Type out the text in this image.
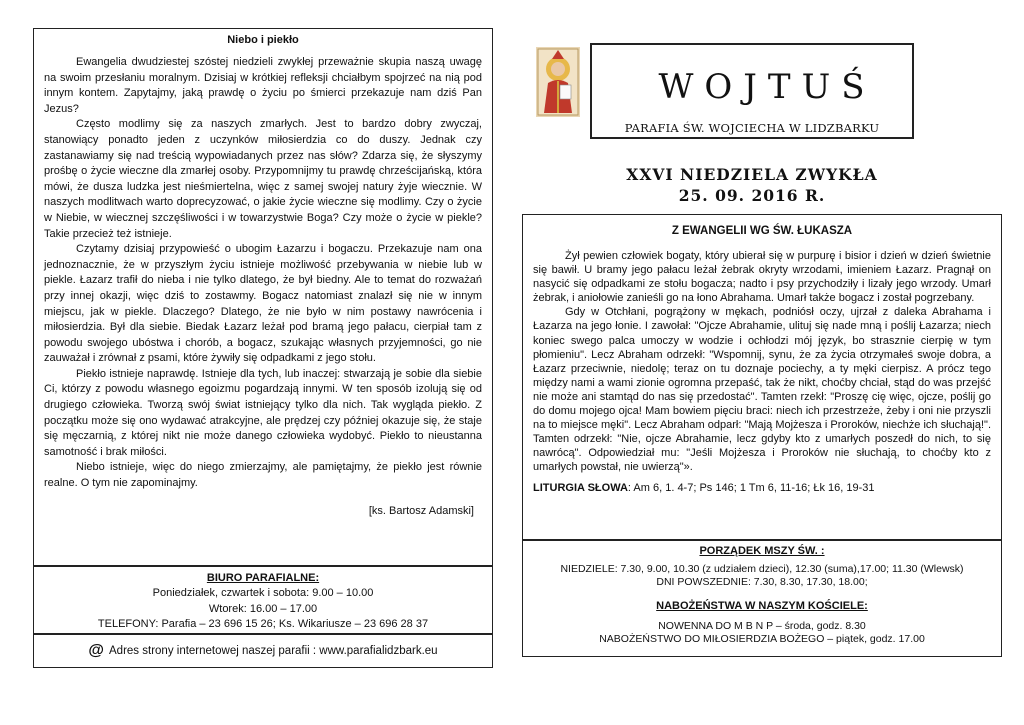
Niebo i piekło

Ewangelia dwudziestej szóstej niedzieli zwykłej przeważnie skupia naszą uwagę na swoim przesłaniu moralnym. Dzisiaj w krótkiej refleksji chciałbym spojrzeć na nią pod innym kontem. Zapytajmy, jaką prawdę o życiu po śmierci przekazuje nam dziś Pan Jezus?

Często modlimy się za naszych zmarłych. Jest to bardzo dobry zwyczaj, stanowiący ponadto jeden z uczynków miłosierdzia co do duszy. Jednak czy zastanawiamy się nad treścią wypowiadanych przez nas słów? Zdarza się, że słyszymy prośbę o życie wieczne dla zmarłej osoby. Przypomnijmy tu prawdę chrześcijańską, która mówi, że dusza ludzka jest nieśmiertelna, więc z samej swojej natury żyje wiecznie. W naszych modlitwach warto doprecyzować, o jakie życie wieczne się modlimy. Czy o życie w Niebie, w wiecznej szczęśliwości i w towarzystwie Boga? Czy może o życie w piekle? Takie przecież też istnieje.

Czytamy dzisiaj przypowieść o ubogim Łazarzu i bogaczu. Przekazuje nam ona jednoznacznie, że w przyszłym życiu istnieje możliwość przebywania w niebie lub w piekle. Łazarz trafił do nieba i nie tylko dlatego, że był biedny. Ale to temat do rozważań przy innej okazji, więc dziś to zostawmy. Bogacz natomiast znalazł się nie w innym miejscu, jak w piekle. Dlaczego? Dlatego, że nie było w nim postawy nawrócenia i miłosierdzia. Był dla siebie. Biedak Łazarz leżał pod bramą jego pałacu, cierpiał tam z powodu swojego ubóstwa i chorób, a bogacz, szukając własnych przyjemności, go nie zauważał i zrównał z psami, które żywiły się odpadkami z jego stołu.

Piekło istnieje naprawdę. Istnieje dla tych, lub inaczej: stwarzają je sobie dla siebie Ci, którzy z powodu własnego egoizmu pogardzają innymi. W ten sposób izolują się od drugiego człowieka. Tworzą swój świat istniejący tylko dla nich. Tak wygląda piekło. Z początku może się ono wydawać atrakcyjne, ale prędzej czy później okazuje się, że staje się męczarnią, z której nikt nie może danego człowieka wydobyć. Piekło to nieustanna samotność i brak miłości.

Niebo istnieje, więc do niego zmierzajmy, ale pamiętajmy, że piekło jest równie realne. O tym nie zapominajmy.

[ks. Bartosz Adamski]
BIURO PARAFIALNE:
Poniedziałek, czwartek i sobota: 9.00 – 10.00
Wtorek: 16.00 – 17.00
TELEFONY: Parafia – 23 696 15 26; Ks. Wikariusze – 23 696 28 37
@ Adres strony internetowej naszej parafii : www.parafialidzbark.eu
WOJTUŚ
PARAFIA ŚW. WOJCIECHA W LIDZBARKU
XXVI NIEDZIELA ZWYKŁA
25. 09. 2016 R.
Z EWANGELII WG ŚW. ŁUKASZA

Żył pewien człowiek bogaty, który ubierał się w purpurę i bisior i dzień w dzień świetnie się bawił. U bramy jego pałacu leżał żebrak okryty wrzodami, imieniem Łazarz. Pragnął on nasycić się odpadkami ze stołu bogacza; nadto i psy przychodziły i lizały jego wrzody. Umarł żebrak, i aniołowie zanieśli go na łono Abrahama. Umarł także bogacz i został pogrzebany.

Gdy w Otchłani, pogrążony w mękach, podniósł oczy, ujrzał z daleka Abrahama i Łazarza na jego łonie. I zawołał: "Ojcze Abrahamie, ulituj się nade mną i poślij Łazarza; niech koniec swego palca umoczy w wodzie i ochłodzi mój język, bo strasznie cierpię w tym płomieniu". Lecz Abraham odrzekł: "Wspomnij, synu, że za życia otrzymałeś swoje dobra, a Łazarz przeciwnie, niedolę; teraz on tu doznaje pociechy, a ty męki cierpisz. A prócz tego między nami a wami zionie ogromna przepaść, tak że nikt, choćby chciał, stąd do was przejść nie może ani stamtąd do nas się przedostać". Tamten rzekł: "Proszę cię więc, ojcze, poślij go do domu mojego ojca! Mam bowiem pięciu braci: niech ich przestrzeże, żeby i oni nie przyszli na to miejsce męki". Lecz Abraham odparł: "Mają Mojżesza i Proroków, niechże ich słuchają!". Tamten odrzekł: "Nie, ojcze Abrahamie, lecz gdyby kto z umarłych poszedł do nich, to się nawrócą". Odpowiedział mu: "Jeśli Mojżesza i Proroków nie słuchają, to choćby kto z umarłych powstał, nie uwierzą"».

LITURGIA SŁOWA: Am 6, 1. 4-7; Ps 146; 1 Tm 6, 11-16; Łk 16, 19-31
PORZĄDEK MSZY ŚW. :
NIEDZIELE: 7.30, 9.00, 10.30 (z udziałem dzieci), 12.30 (suma),17.00; 11.30 (Wlewsk)
DNI POWSZEDNIE: 7.30, 8.30, 17.30, 18.00;
NABOŻEŃSTWA W NASZYM KOŚCIELE:
NOWENNA DO M B N P – środa, godz. 8.30
NABOŻEŃSTWO DO MIŁOSIERDZIA BOŻEGO – piątek, godz. 17.00
